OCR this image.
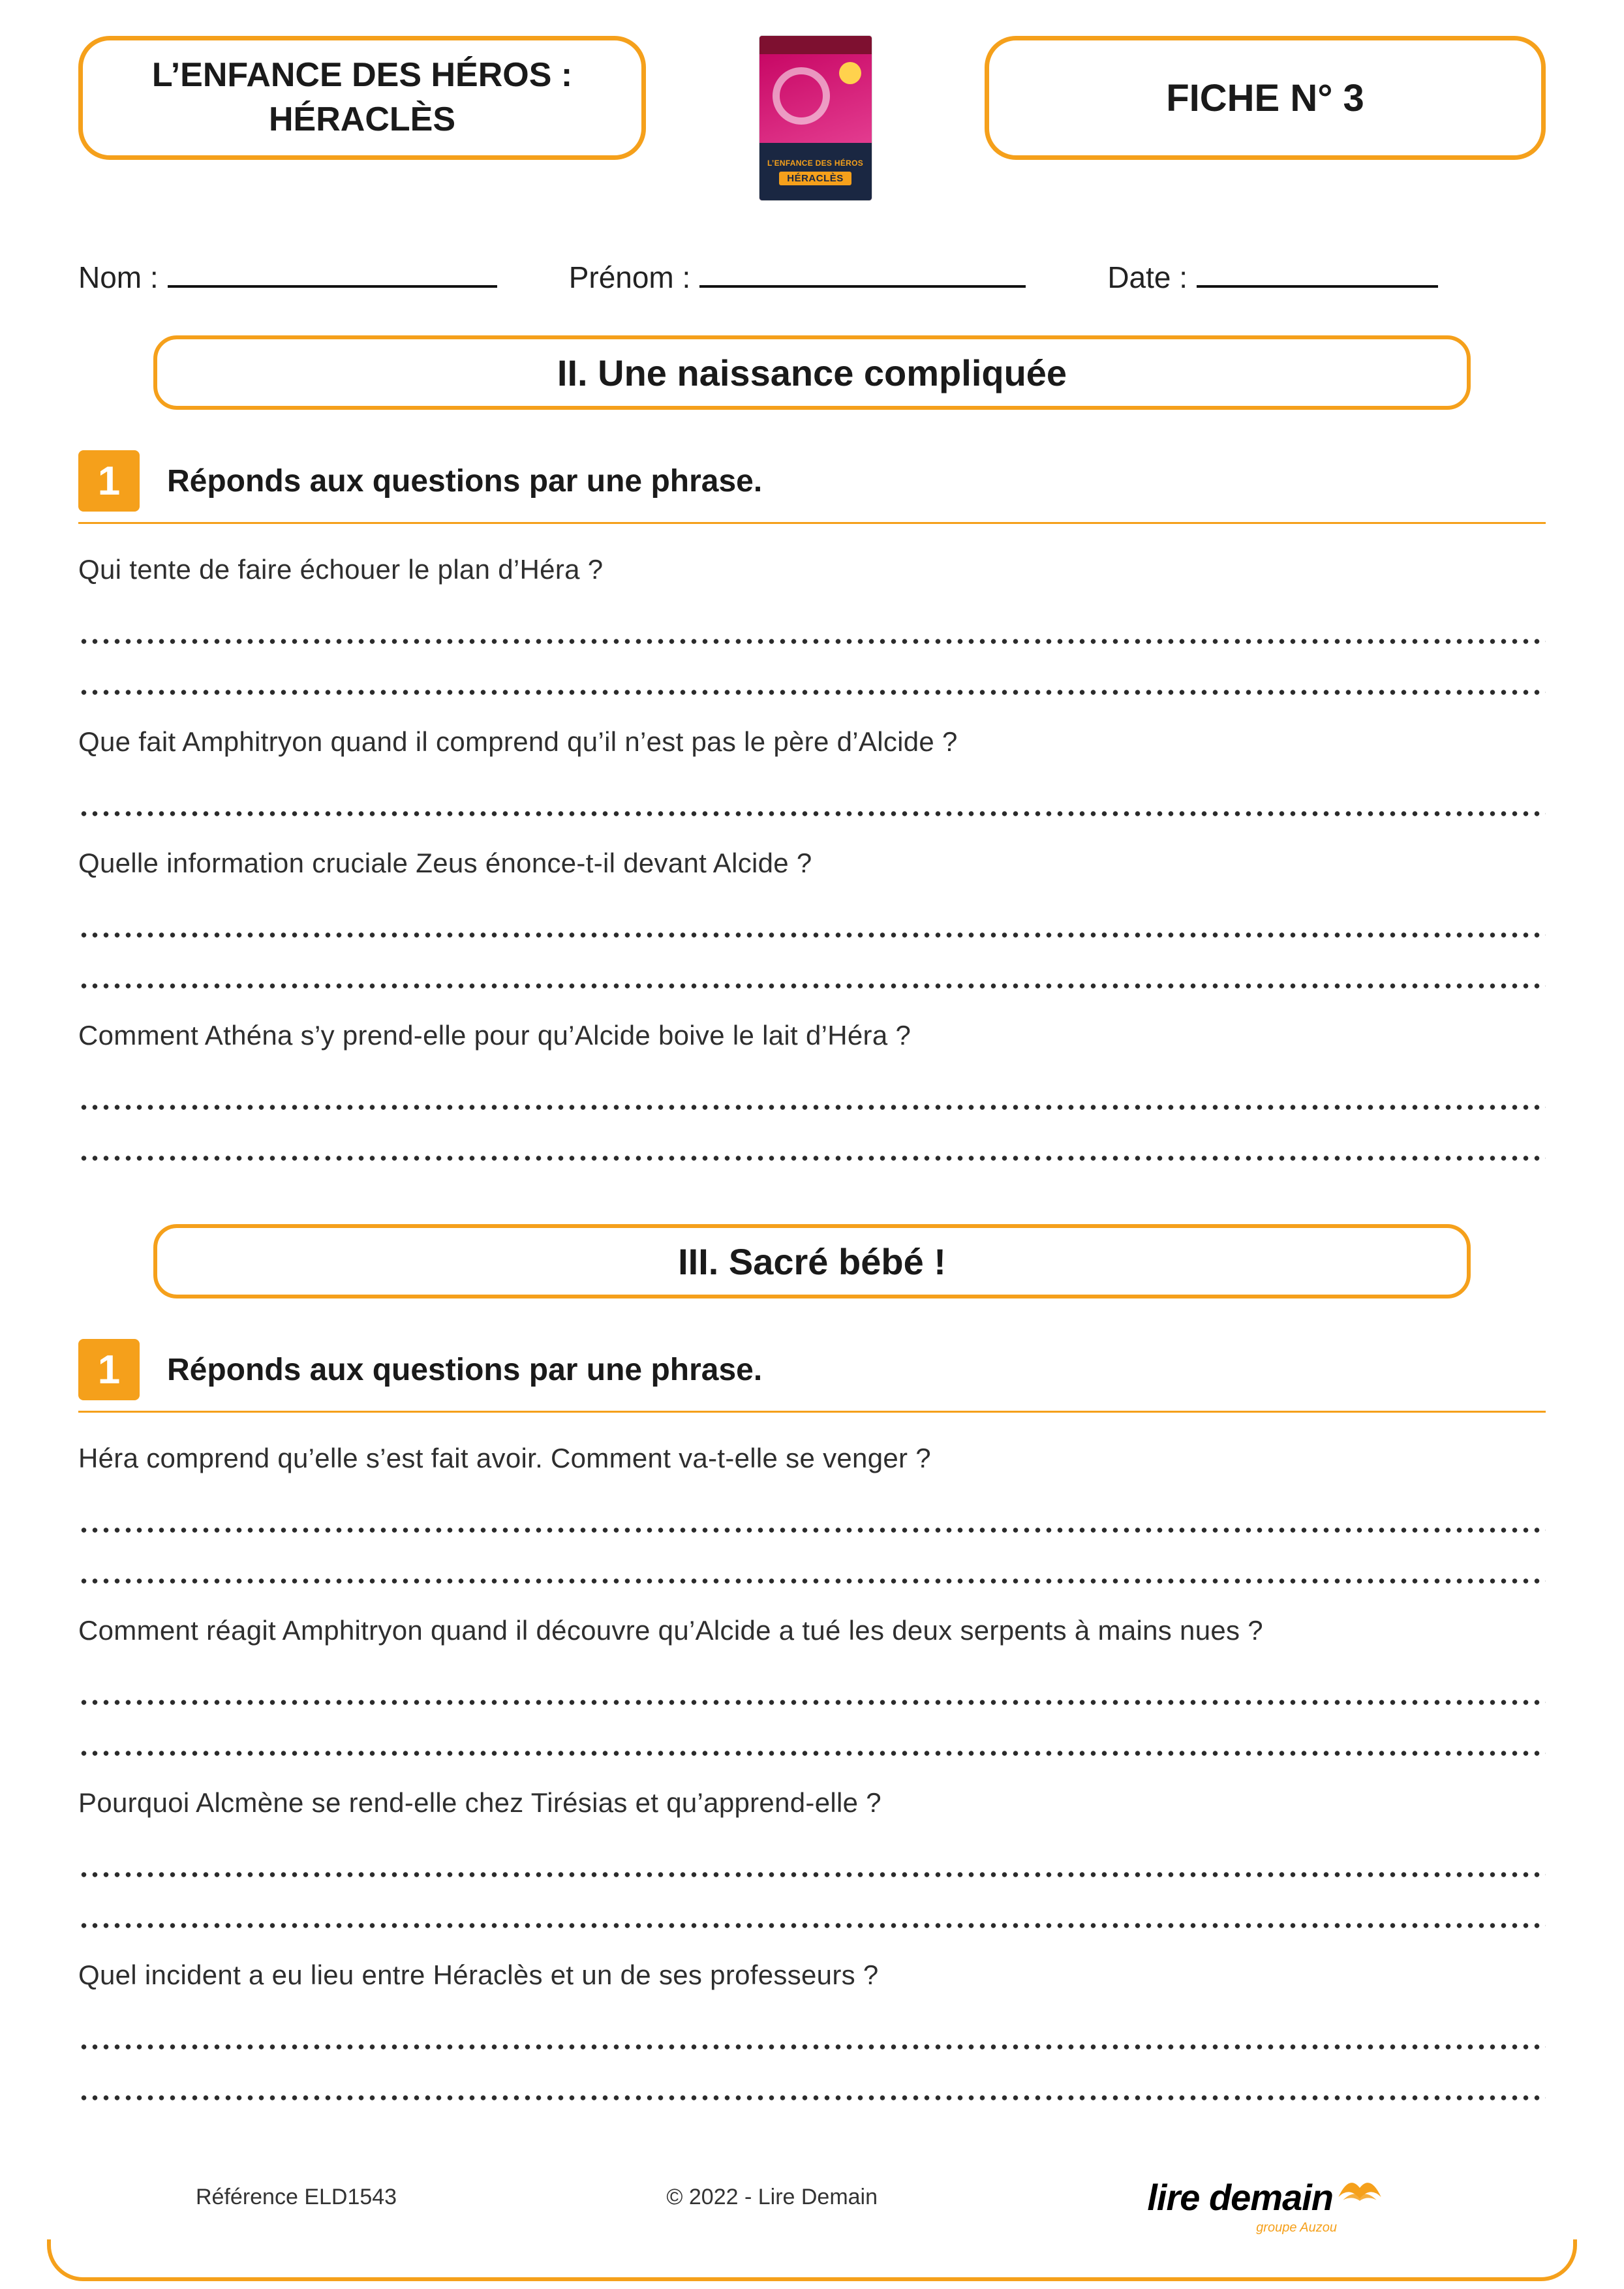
L’ENFANCE DES HÉROS :
HÉRACLÈS
L’ENFANCE DES HÉROS
HÉRACLÈS
FICHE N° 3
Nom :	Prénom :	Date :
II. Une naissance compliquée
1	Réponds aux questions par une phrase.

Qui tente de faire échouer le plan d’Héra ?

Que fait Amphitryon quand il comprend qu’il n’est pas le père d’Alcide ?

Quelle information cruciale Zeus énonce-t-il devant Alcide ?

Comment Athéna s’y prend-elle pour qu’Alcide boive le lait d’Héra ?

III. Sacré bébé !
1	Réponds aux questions par une phrase.

Héra comprend qu’elle s’est fait avoir. Comment va-t-elle se venger ?

Comment réagit Amphitryon quand il découvre qu’Alcide a tué les deux serpents à mains nues ?

Pourquoi Alcmène se rend-elle chez Tirésias et qu’apprend-elle ?

Quel incident a eu lieu entre Héraclès et un de ses professeurs ?

Référence ELD1543	© 2022 - Lire Demain	lire demain
groupe Auzou
